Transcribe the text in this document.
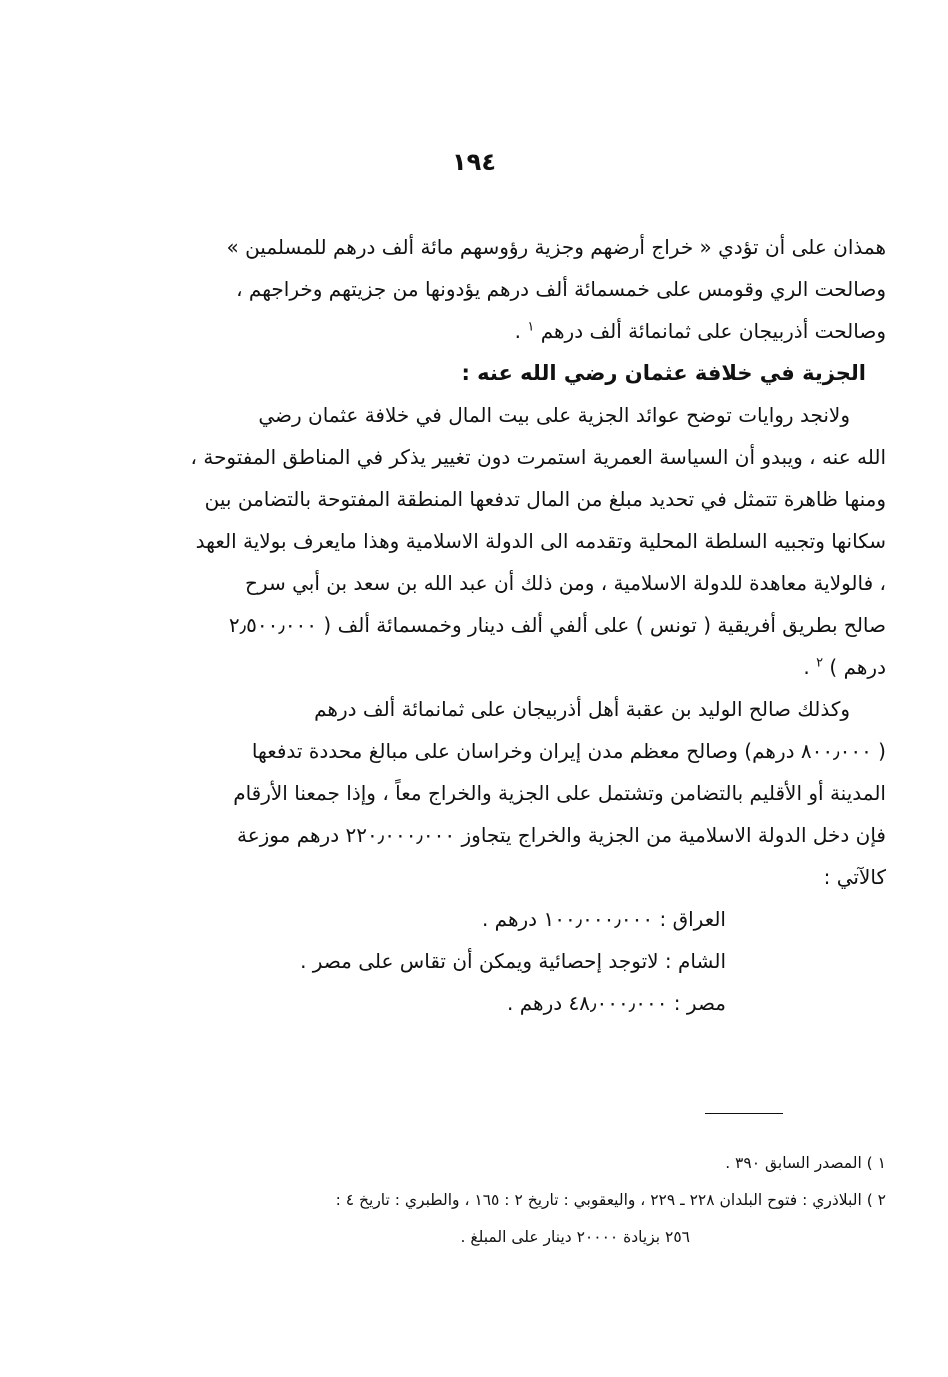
١٩٤
همذان على أن تؤدي « خراج أرضهم وجزية رؤوسهم مائة ألف درهم للمسلمين »
وصالحت الري وقومس على خمسمائة ألف درهم يؤدونها من جزيتهم وخراجهم ،
وصالحت أذربيجان على ثمانمائة ألف درهم $^١$ .
الجزية في خلافة عثمان رضي الله عنه :
ولانجد روايات توضح عوائد الجزية على بيت المال في خلافة عثمان رضي
الله عنه ، ويبدو أن السياسة العمرية استمرت دون تغيير يذكر في المناطق المفتوحة ،
ومنها ظاهرة تتمثل في تحديد مبلغ من المال تدفعها المنطقة المفتوحة بالتضامن بين
سكانها وتجبيه السلطة المحلية وتقدمه الى الدولة الاسلامية وهذا مايعرف بولاية العهد
، فالولاية معاهدة للدولة الاسلامية ، ومن ذلك أن عبد الله بن سعد بن أبي سرح
صالح بطريق أفريقية ( تونس ) على ألفي ألف دينار وخمسمائة ألف ( ٢٫٥٠٠٫٠٠٠
درهم ) $^٢$ .
وكذلك صالح الوليد بن عقبة أهل أذربيجان على ثمانمائة ألف درهم
( ٨٠٠٫٠٠٠ درهم) وصالح معظم مدن إيران وخراسان على مبالغ محددة تدفعها
المدينة أو الأقليم بالتضامن وتشتمل على الجزية والخراج معاً ، وإذا جمعنا الأرقام
فإن دخل الدولة الاسلامية من الجزية والخراج يتجاوز ٢٢٠٫٠٠٠٫٠٠٠ درهم موزعة
كالآتي :
العراق : ١٠٠٫٠٠٠٫٠٠٠ درهم .
الشام : لاتوجد إحصائية ويمكن أن تقاس على مصر .
مصر : ٤٨٫٠٠٠٫٠٠٠ درهم .
١ ) المصدر السابق ٣٩٠ .
٢ ) البلاذري : فتوح البلدان ٢٢٨ ـ ٢٢٩ ، واليعقوبي : تاريخ ٢ : ١٦٥ ، والطبري : تاريخ ٤ :
٢٥٦ بزيادة ٢٠٠٠٠ دينار على المبلغ .
